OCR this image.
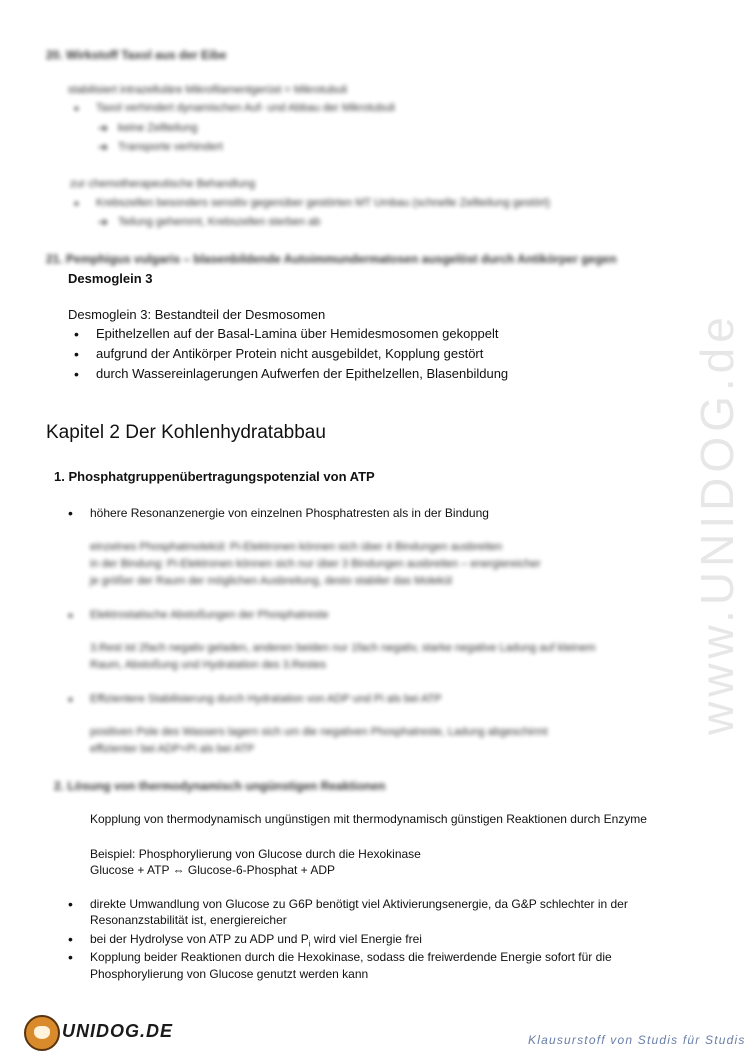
www.UNIDOG.de
20. Wirkstoff Taxol aus der Eibe
stabilisiert intrazelluläre Mikrofilamentgerüst = Mikrotubuli
• Taxol verhindert dynamischen Auf- und Abbau der Mikrotubuli
➔ keine Zellteilung
➔ Transporte verhindert
zur chemotherapeutische Behandlung
• Krebszellen besonders sensitiv gegenüber gestörten MT Umbau (schnelle Zellteilung gestört)
➔ Teilung gehemmt, Krebszellen sterben ab
21. Pemphigus vulgaris – blasenbildende Autoimmundermatosen ausgelöst durch Antikörper gegen
Desmoglein 3
Desmoglein 3: Bestandteil der Desmosomen
• Epithelzellen auf der Basal-Lamina über Hemidesmosomen gekoppelt
• aufgrund der Antikörper Protein nicht ausgebildet, Kopplung gestört
• durch Wassereinlagerungen Aufwerfen der Epithelzellen, Blasenbildung
Kapitel 2 Der Kohlenhydratabbau
1. Phosphatgruppenübertragungspotenzial von ATP
• höhere Resonanzenergie von einzelnen Phosphatresten als in der Bindung
einzelnes Phosphatmolekül: Pi-Elektronen können sich über 4 Bindungen ausbreiten
in der Bindung: Pi-Elektronen können sich nur über 3 Bindungen ausbreiten – energiereicher
je größer der Raum der möglichen Ausbreitung, desto stabiler das Molekül
• Elektrostatische Abstoßungen der Phosphatreste
3.Rest ist 2fach negativ geladen, anderen beiden nur 1fach negativ, starke negative Ladung auf kleinem
Raum, Abstoßung und Hydratation des 3.Restes
• Effizientere Stabilisierung durch Hydratation von ADP und Pi als bei ATP
positiven Pole des Wassers lagern sich um die negativen Phosphatreste, Ladung abgeschirmt
effizienter bei ADP+Pi als bei ATP
2. Lösung von thermodynamisch ungünstigen Reaktionen
Kopplung von thermodynamisch ungünstigen mit thermodynamisch günstigen Reaktionen durch Enzyme
Beispiel: Phosphorylierung von Glucose durch die Hexokinase
Glucose + ATP ⇔ Glucose-6-Phosphat + ADP
• direkte Umwandlung von Glucose zu G6P benötigt viel Aktivierungsenergie, da G&P schlechter in der
Resonanzstabilität ist, energiereicher
• bei der Hydrolyse von ATP zu ADP und $P_i$ wird viel Energie frei
• Kopplung beider Reaktionen durch die Hexokinase, sodass die freiwerdende Energie sofort für die
Phosphorylierung von Glucose genutzt werden kann
UNIDOG.DE	Klausurstoff von Studis für Studis
